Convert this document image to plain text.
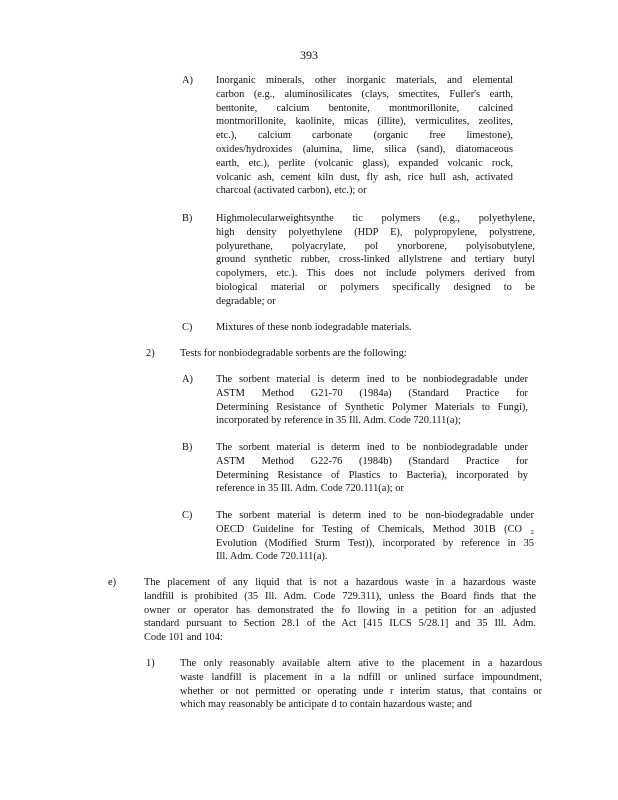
393
A) Inorganic minerals, other inorganic materials, and elemental
carbon (e.g., aluminosilicates (clays, smectites, Fuller's earth,
bentonite, calcium bentonite, montmorillonite, calcined
montmorillonite, kaolinite, micas (illite), vermiculites, zeolites,
etc.), calcium carbonate (organic free limestone),
oxides/hydroxides (alumina, lime, silica (sand), diatomaceous
earth, etc.), perlite (volcanic glass), expanded volcanic rock,
volcanic ash, cement kiln dust, fly ash, rice hull ash, activated
charcoal (activated carbon), etc.); or
B) Highmolecularweightsynthe tic polymers (e.g., polyethylene,
high density polyethylene (HDP E), polypropylene, polystrene,
polyurethane, polyacrylate, pol ynorborene, polyisobutylene,
ground synthetic rubber, cross-linked allylstrene and tertiary butyl
copolymers, etc.). This does not include polymers derived from
biological material or polymers specifically designed to be
degradable; or
C) Mixtures of these nonb iodegradable materials.
2) Tests for nonbiodegradable sorbents are the following:
A) The sorbent material is determ ined to be nonbiodegradable under
ASTM Method G21-70 (1984a) (Standard Practice for
Determining Resistance of Synthetic Polymer Materials to Fungi),
incorporated by reference in 35 Ill. Adm. Code 720.111(a);
B) The sorbent material is determ ined to be nonbiodegradable under
ASTM Method G22-76 (1984b) (Standard Practice for
Determining Resistance of Plastics to Bacteria), incorporated by
reference in 35 Ill. Adm. Code 720.111(a); or
C) The sorbent material is determ ined to be non-biodegradable under
OECD Guideline for Testing of Chemicals, Method 301B (CO ₂
Evolution (Modified Sturm Test)), incorporated by reference in 35
Ill. Adm. Code 720.111(a).
e)	The placement of any liquid that is not a hazardous waste in a hazardous waste
landfill is prohibited (35 Ill. Adm. Code 729.311), unless the Board finds that the
owner or operator has demonstrated the fo llowing in a petition for an adjusted
standard pursuant to Section 28.1 of the Act [415 ILCS 5/28.1] and 35 Ill. Adm.
Code 101 and 104:
1) The only reasonably available altern ative to the placement in a hazardous
waste landfill is placement in a la ndfill or unlined surface impoundment,
whether or not permitted or operating unde r interim status, that contains or
which may reasonably be anticipate d to contain hazardous waste; and
